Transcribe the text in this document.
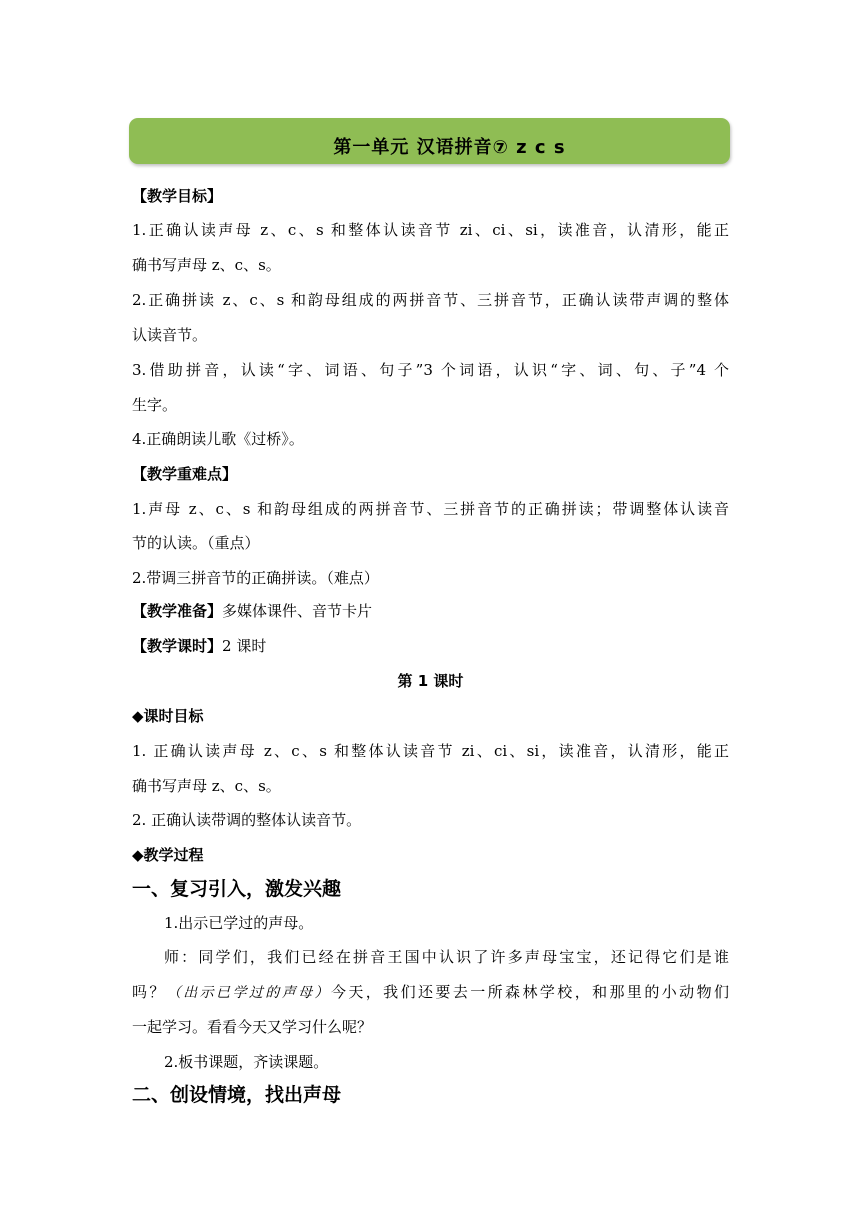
第一单元 汉语拼音⑦ z c s
【教学目标】
1.正确认读声母 z、c、s 和整体认读音节 zi、ci、si，读准音，认清形，能正
确书写声母 z、c、s。
2.正确拼读 z、c、s 和韵母组成的两拼音节、三拼音节，正确认读带声调的整体
认读音节。
3.借助拼音，认读“字、词语、句子”3 个词语，认识“字、词、句、子”4 个
生字。
4.正确朗读儿歌《过桥》。
【教学重难点】
1.声母 z、c、s 和韵母组成的两拼音节、三拼音节的正确拼读；带调整体认读音
节的认读。（重点）
2.带调三拼音节的正确拼读。（难点）
【教学准备】多媒体课件、音节卡片
【教学课时】2 课时
第 1 课时
◆课时目标
1. 正确认读声母 z、c、s 和整体认读音节 zi、ci、si，读准音，认清形，能正
确书写声母 z、c、s。
2. 正确认读带调的整体认读音节。
◆教学过程
一、复习引入，激发兴趣
1.出示已学过的声母。
师：同学们，我们已经在拼音王国中认识了许多声母宝宝，还记得它们是谁
吗？（出示已学过的声母）今天，我们还要去一所森林学校，和那里的小动物们
一起学习。看看今天又学习什么呢？
2.板书课题，齐读课题。
二、创设情境，找出声母
